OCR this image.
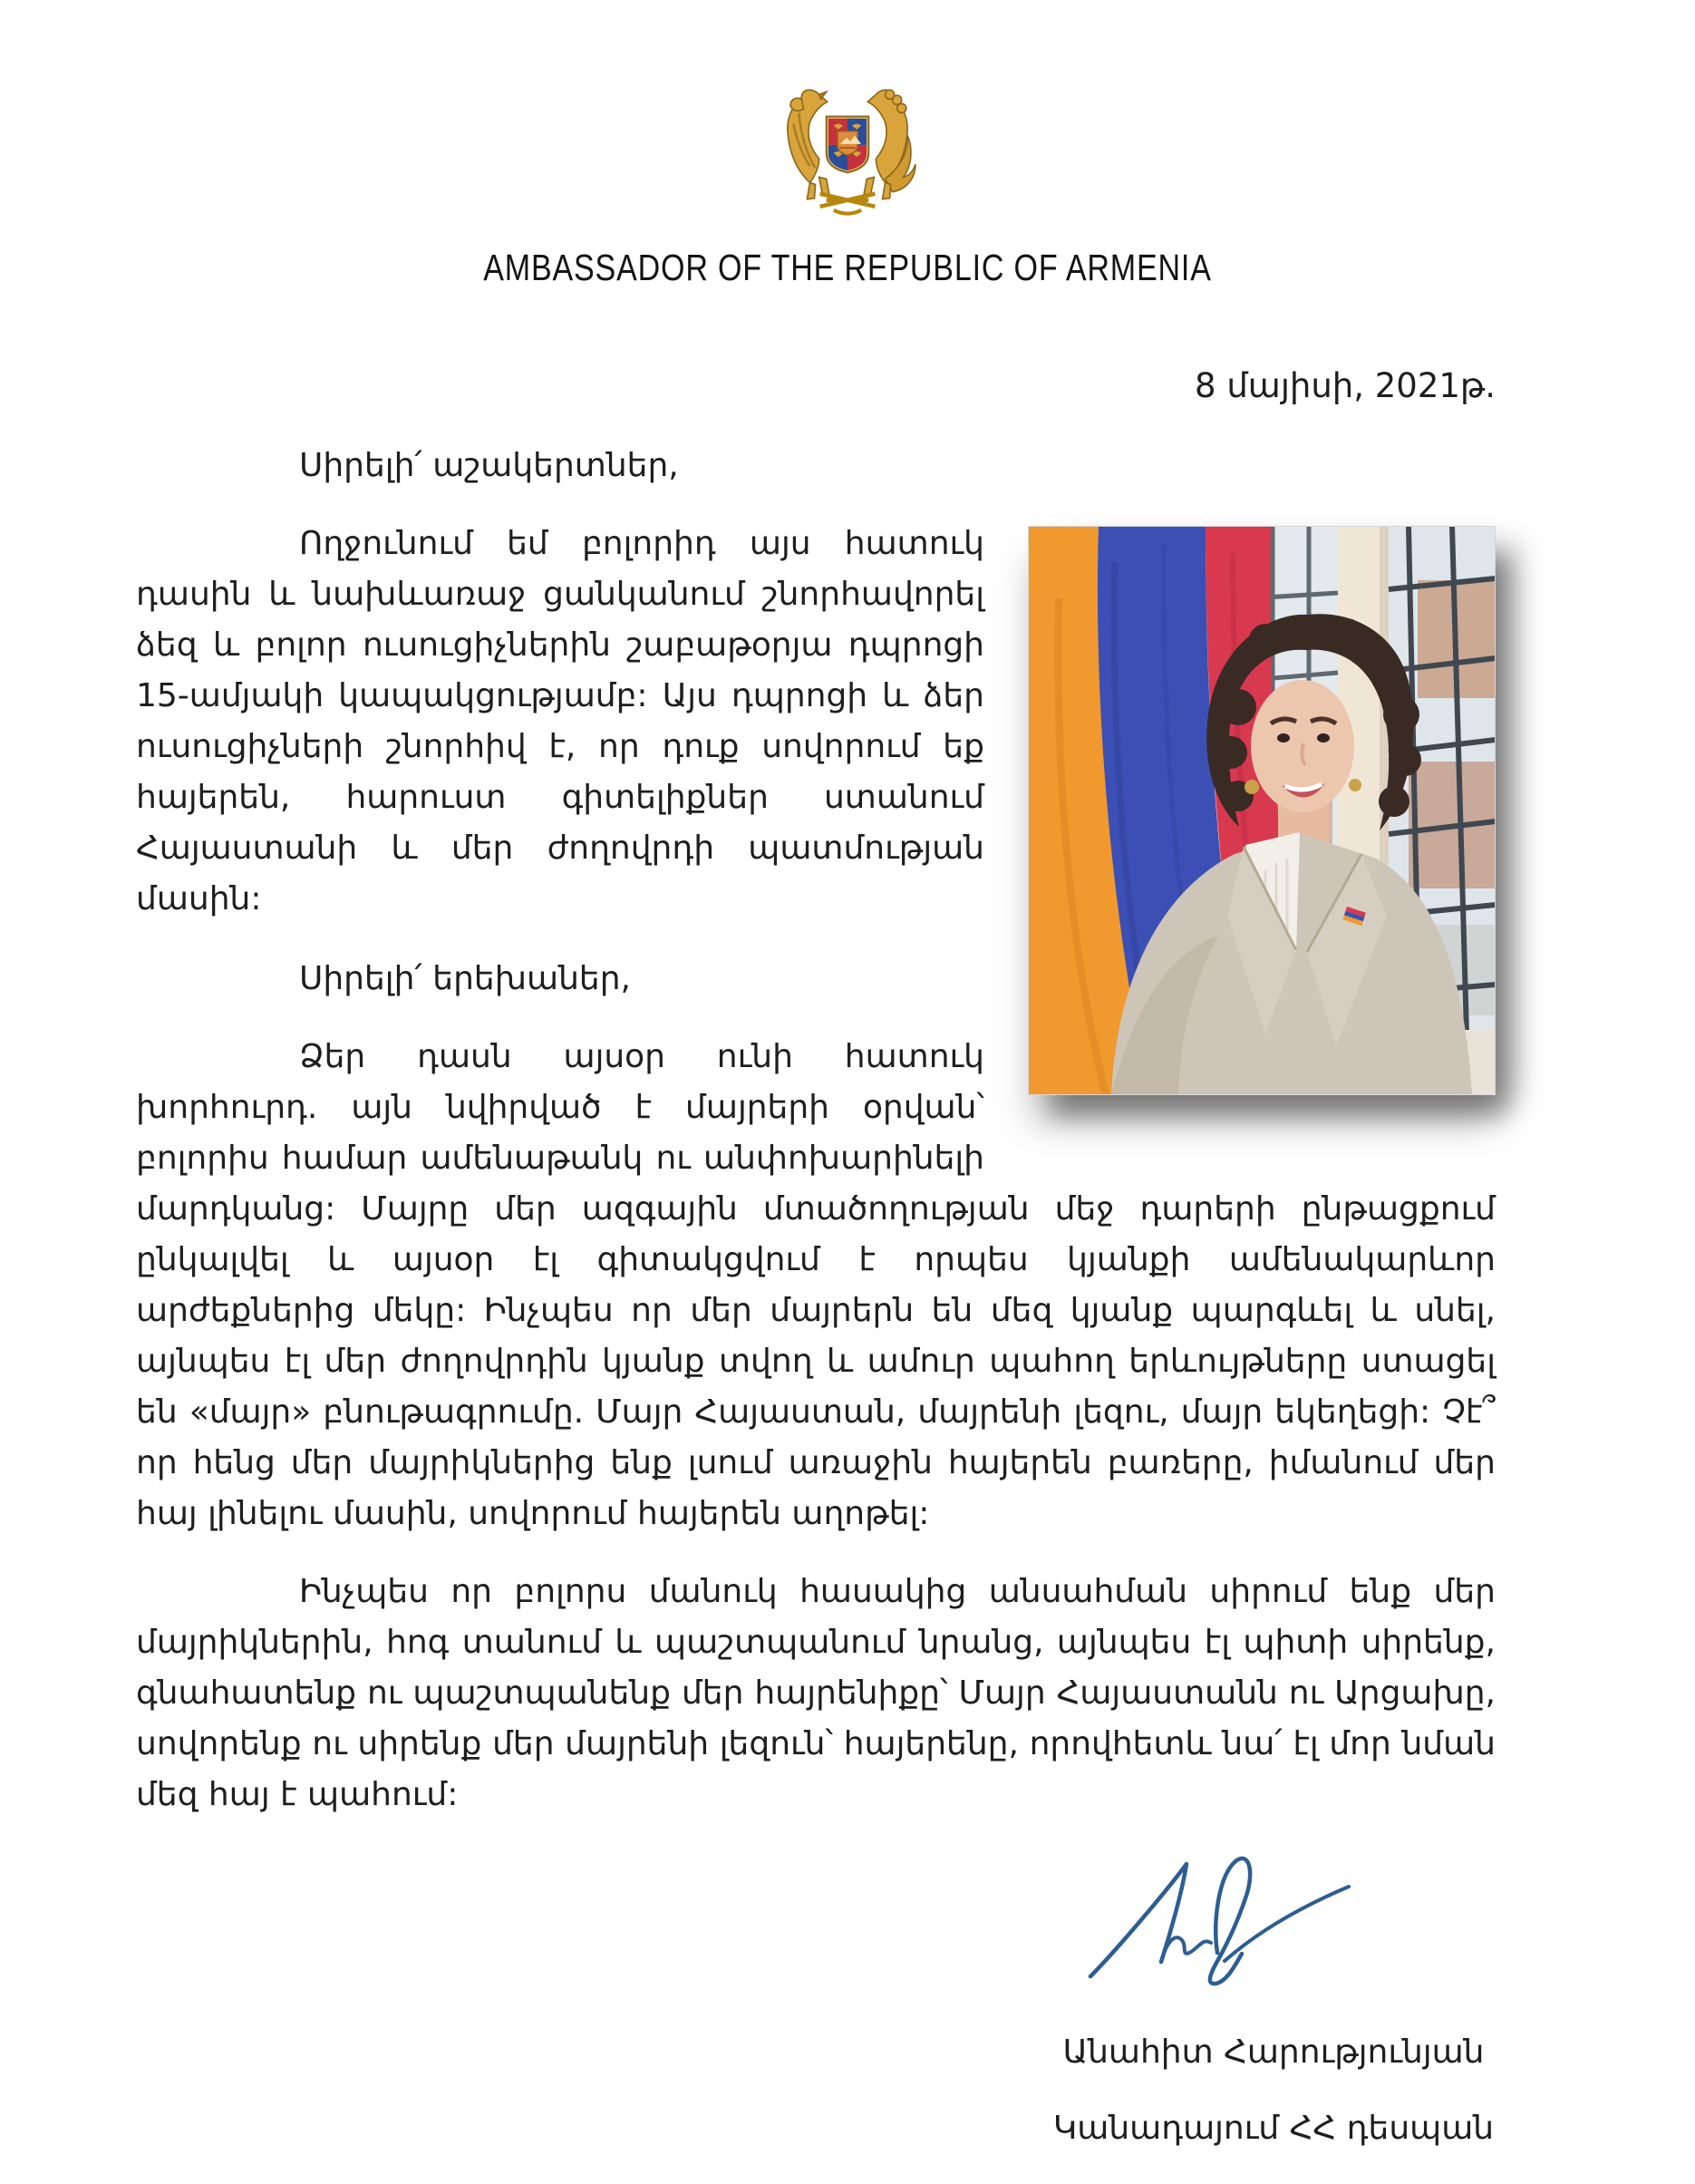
AMBASSADOR OF THE REPUBLIC OF ARMENIA
8 մայիսի, 2021թ.
Սիրելի՛ աշակերտներ,

Ողջունում եմ բոլորիդ այս հատուկ դասին և նախևառաջ ցանկանում շնորհավորել ձեզ և բոլոր ուսուցիչներին շաբաթօրյա դպրոցի 15-ամյակի կապակցությամբ: Այս դպրոցի և ձեր ուսուցիչների շնորհիվ է, որ դուք սովորում եք հայերեն, հարուստ գիտելիքներ ստանում Հայաստանի և մեր ժողովրդի պատմության մասին:

Սիրելի՛ երեխաներ,

Ձեր դասն այսօր ունի հատուկ խորհուրդ. այն նվիրված է մայրերի օրվան՝ բոլորիս համար ամենաթանկ ու անփոխարինելի մարդկանց: Մայրը մեր ազգային մտածողության մեջ դարերի ընթացքում ընկալվել և այսօր էլ գիտակցվում է որպես կյանքի ամենակարևոր արժեքներից մեկը: Ինչպես որ մեր մայրերն են մեզ կյանք պարգևել և սնել, այնպես էլ մեր ժողովրդին կյանք տվող և ամուր պահող երևույթները ստացել են «մայր» բնութագրումը. Մայր Հայաստան, մայրենի լեզու, մայր եկեղեցի: Չէ՞ որ հենց մեր մայրիկներից ենք լսում առաջին հայերեն բառերը, իմանում մեր հայ լինելու մասին, սովորում հայերեն աղոթել:

Ինչպես որ բոլորս մանուկ հասակից անսահման սիրում ենք մեր մայրիկներին, հոգ տանում և պաշտպանում նրանց, այնպես էլ պիտի սիրենք, գնահատենք ու պաշտպանենք մեր հայրենիքը՝ Մայր Հայաստանն ու Արցախը, սովորենք ու սիրենք մեր մայրենի լեզուն՝ հայերենը, որովհետև նա՛ էլ մոր նման մեզ հայ է պահում:

Անահիտ Հարությունյան
Կանադայում ՀՀ դեսպան
